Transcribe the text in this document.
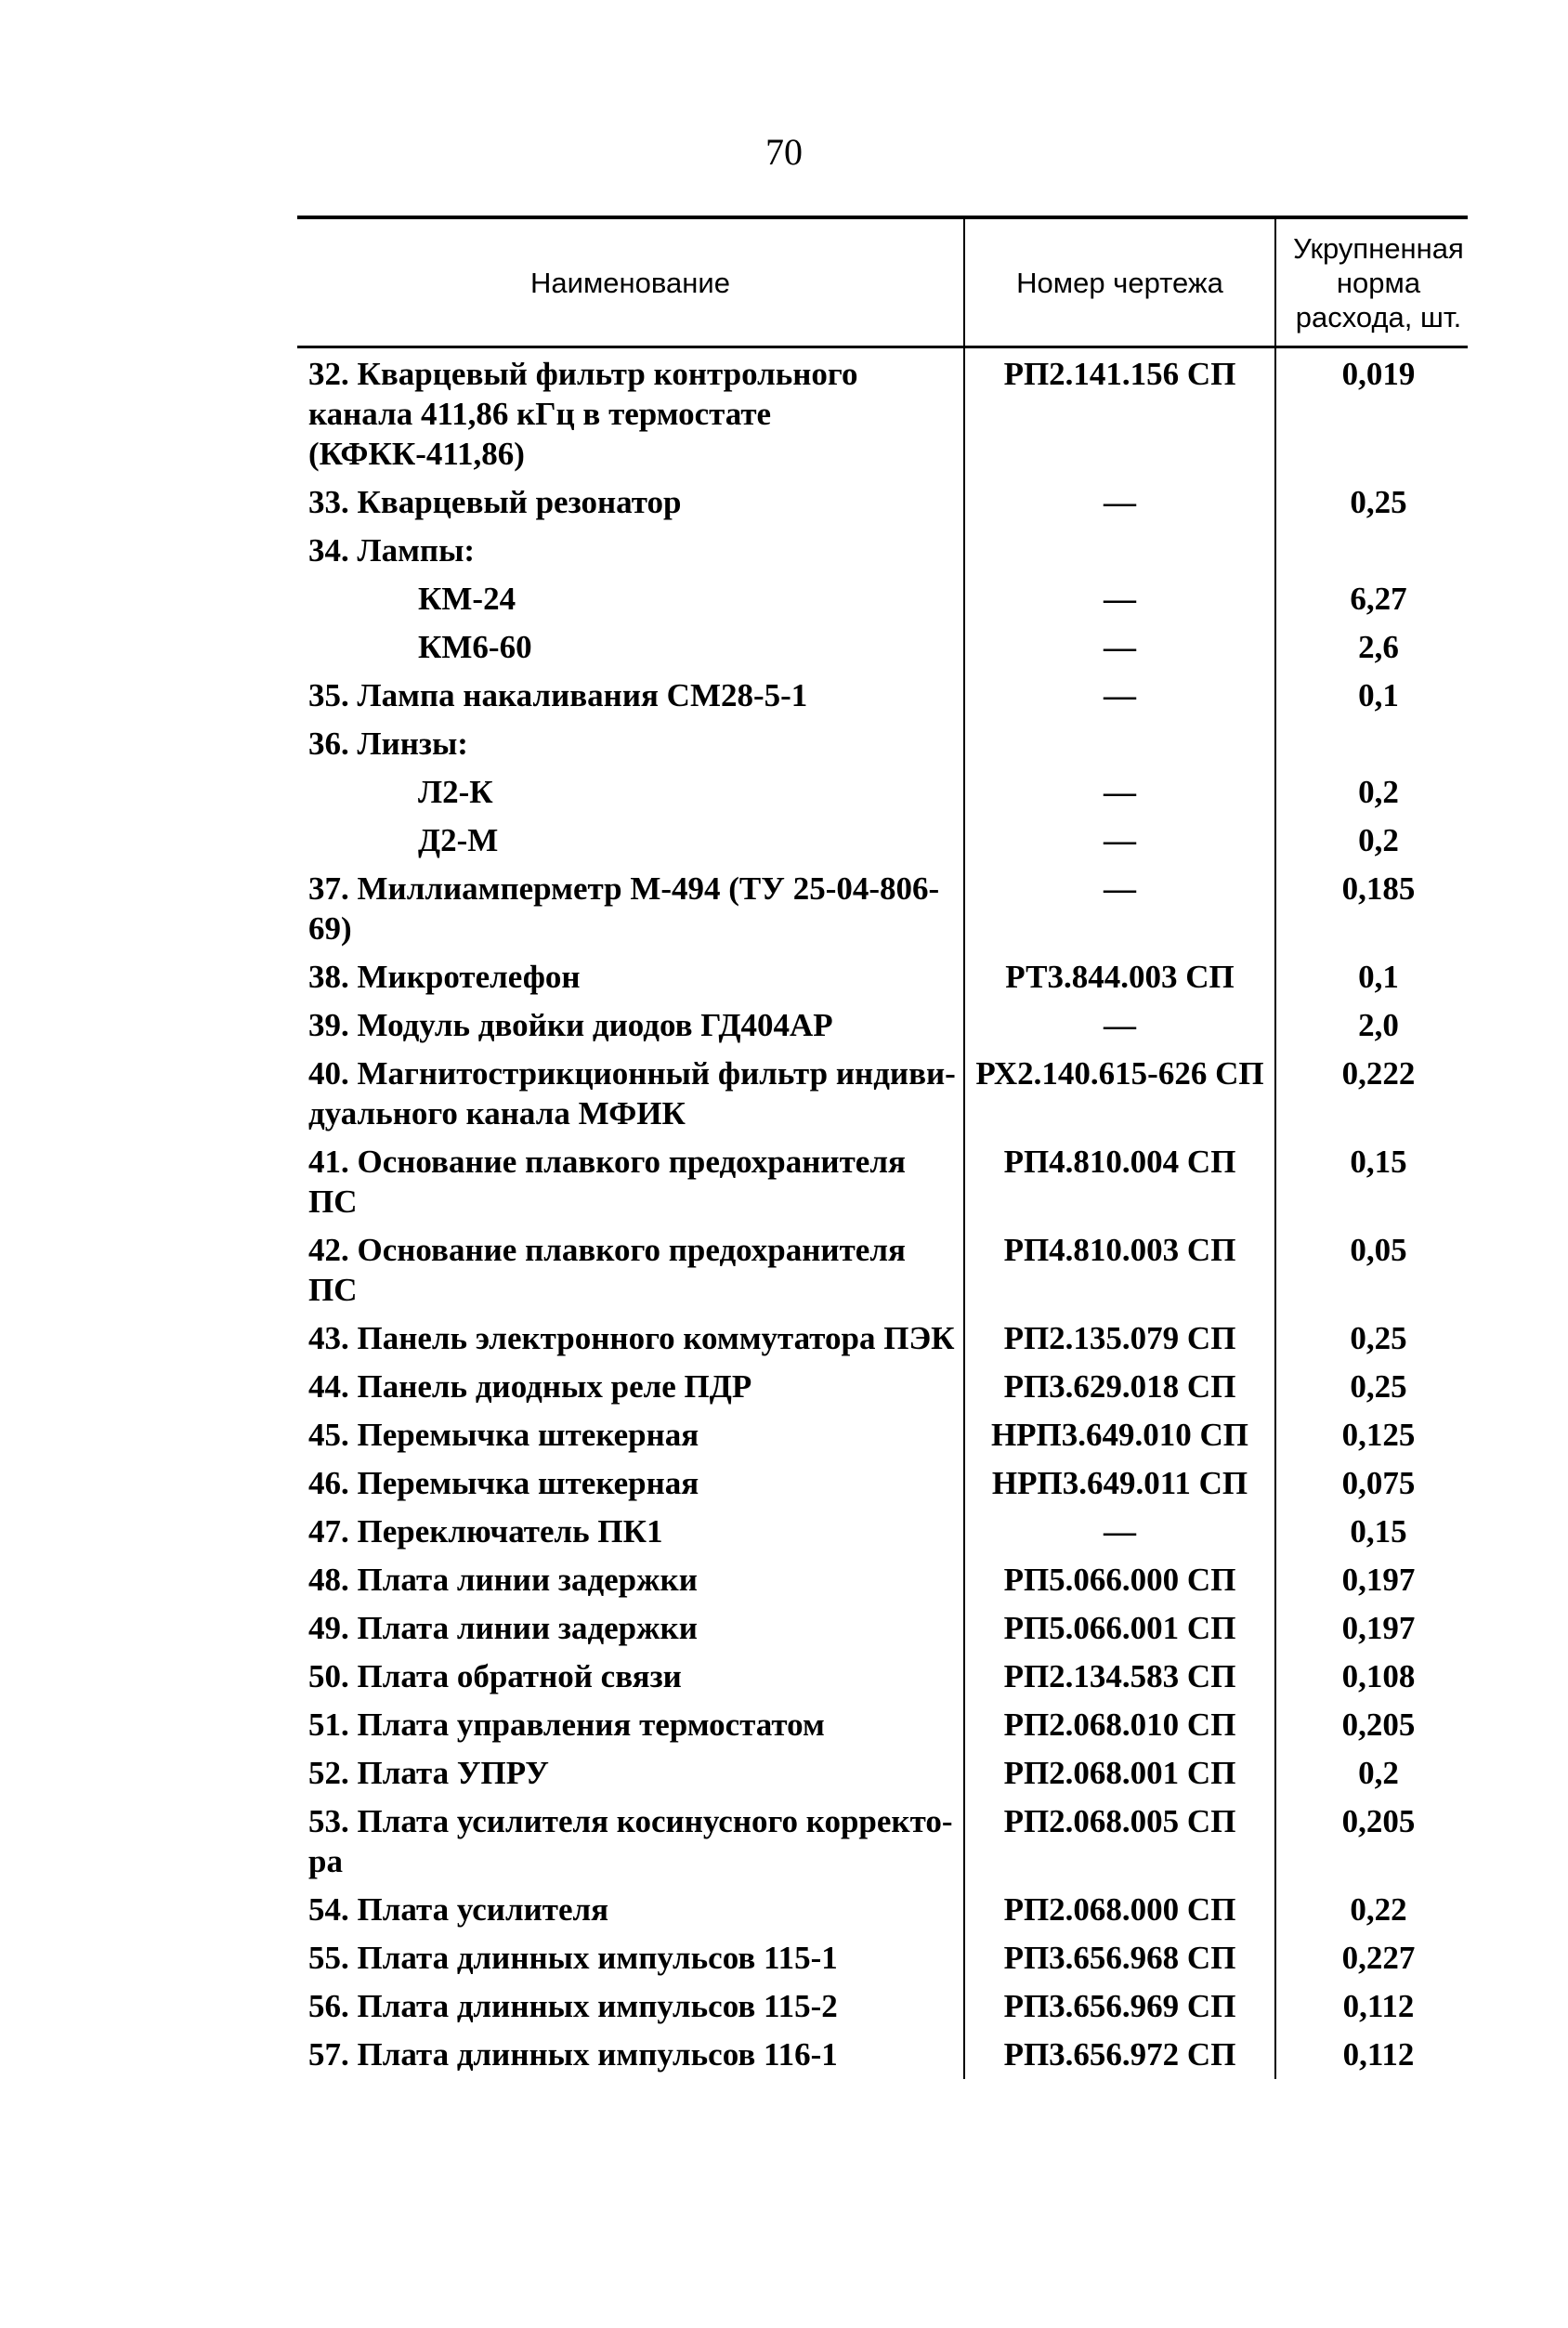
70
Наименование	Номер чертежа	Укрупненная
норма
расхода, шт.

32. Кварцевый фильтр контрольного канала 411,86 кГц в термостате (КФКК-411,86)	РП2.141.156 СП	0,019
33. Кварцевый резонатор	—	0,25
34. Лампы:		
КМ-24	—	6,27
КМ6-60	—	2,6
35. Лампа накаливания СМ28-5-1	—	0,1
36. Линзы:		
Л2-К	—	0,2
Д2-М	—	0,2
37. Миллиамперметр М-494 (ТУ 25-04-806-69)	—	0,185
38. Микротелефон	РТ3.844.003 СП	0,1
39. Модуль двойки диодов ГД404АР	—	2,0
40. Магнитострикционный фильтр индиви-дуального канала МФИК	РХ2.140.615-626 СП	0,222
41. Основание плавкого предохранителя ПС	РП4.810.004 СП	0,15
42. Основание плавкого предохранителя ПС	РП4.810.003 СП	0,05
43. Панель электронного коммутатора ПЭК	РП2.135.079 СП	0,25
44. Панель диодных реле ПДР	РП3.629.018 СП	0,25
45. Перемычка штекерная	НРП3.649.010 СП	0,125
46. Перемычка штекерная	НРП3.649.011 СП	0,075
47. Переключатель ПК1	—	0,15
48. Плата линии задержки	РП5.066.000 СП	0,197
49. Плата линии задержки	РП5.066.001 СП	0,197
50. Плата обратной связи	РП2.134.583 СП	0,108
51. Плата управления термостатом	РП2.068.010 СП	0,205
52. Плата УПРУ	РП2.068.001 СП	0,2
53. Плата усилителя косинусного корректо-ра	РП2.068.005 СП	0,205
54. Плата усилителя	РП2.068.000 СП	0,22
55. Плата длинных импульсов 115-1	РП3.656.968 СП	0,227
56. Плата длинных импульсов 115-2	РП3.656.969 СП	0,112
57. Плата длинных импульсов 116-1	РП3.656.972 СП	0,112
